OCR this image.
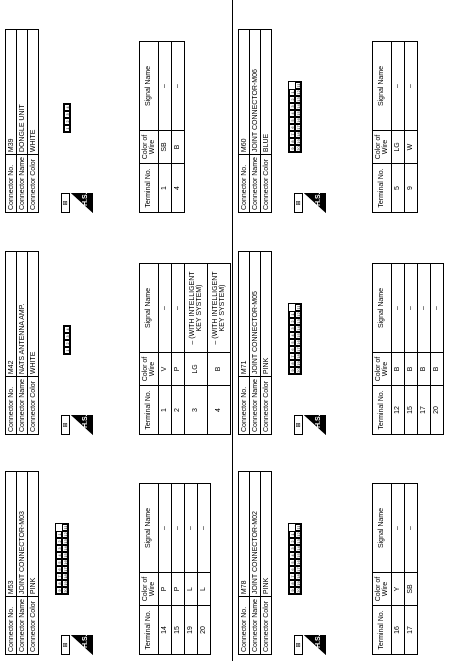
Connector No.	M53
Connector Name	JOINT CONNECTOR-M03
Connector Color	PINK
⊞ H.S.
9
8
7
6
5
4
3
2
1
20
19
18
17
16
15
14
13
12
11
Terminal No.	Color of Wire	Signal Name
14	P	–
15	P	–
19	L	–
20	L	–
Connector No.	M42
Connector Name	NATS ANTENNA AMP.
Connector Color	WHITE
⊞ H.S.
1
2
3
4
Terminal No.	Color of Wire	Signal Name
1	V	–
2	P	–
3	LG	– (WITH INTELLIGENT KEY SYSTEM)
4	B	– (WITH INTELLIGENT KEY SYSTEM)
Connector No.	M39
Connector Name	DONGLE UNIT
Connector Color	WHITE
⊞ H.S.
1
2
3
4
Terminal No.	Color of Wire	Signal Name
1	SB	–
4	B	–
Connector No.	M78
Connector Name	JOINT CONNECTOR-M02
Connector Color	PINK
⊞ H.S.
9
8
7
6
5
4
3
2
1
20
19
18
17
16
15
14
13
12
11
Terminal No.	Color of Wire	Signal Name
16	Y	–
17	SB	–
Connector No.	M71
Connector Name	JOINT CONNECTOR-M05
Connector Color	PINK
⊞ H.S.
9
8
7
6
5
4
3
2
1
20
19
18
17
16
15
14
13
12
11
Terminal No.	Color of Wire	Signal Name
12	B	–
15	B	–
17	B	–
20	B	–
Connector No.	M60
Connector Name	JOINT CONNECTOR-M06
Connector Color	BLUE
⊞ H.S.
9
8
7
6
5
4
3
2
1
20
19
18
17
16
15
14
13
12
11
Terminal No.	Color of Wire	Signal Name
5	LG	–
9	W	–
